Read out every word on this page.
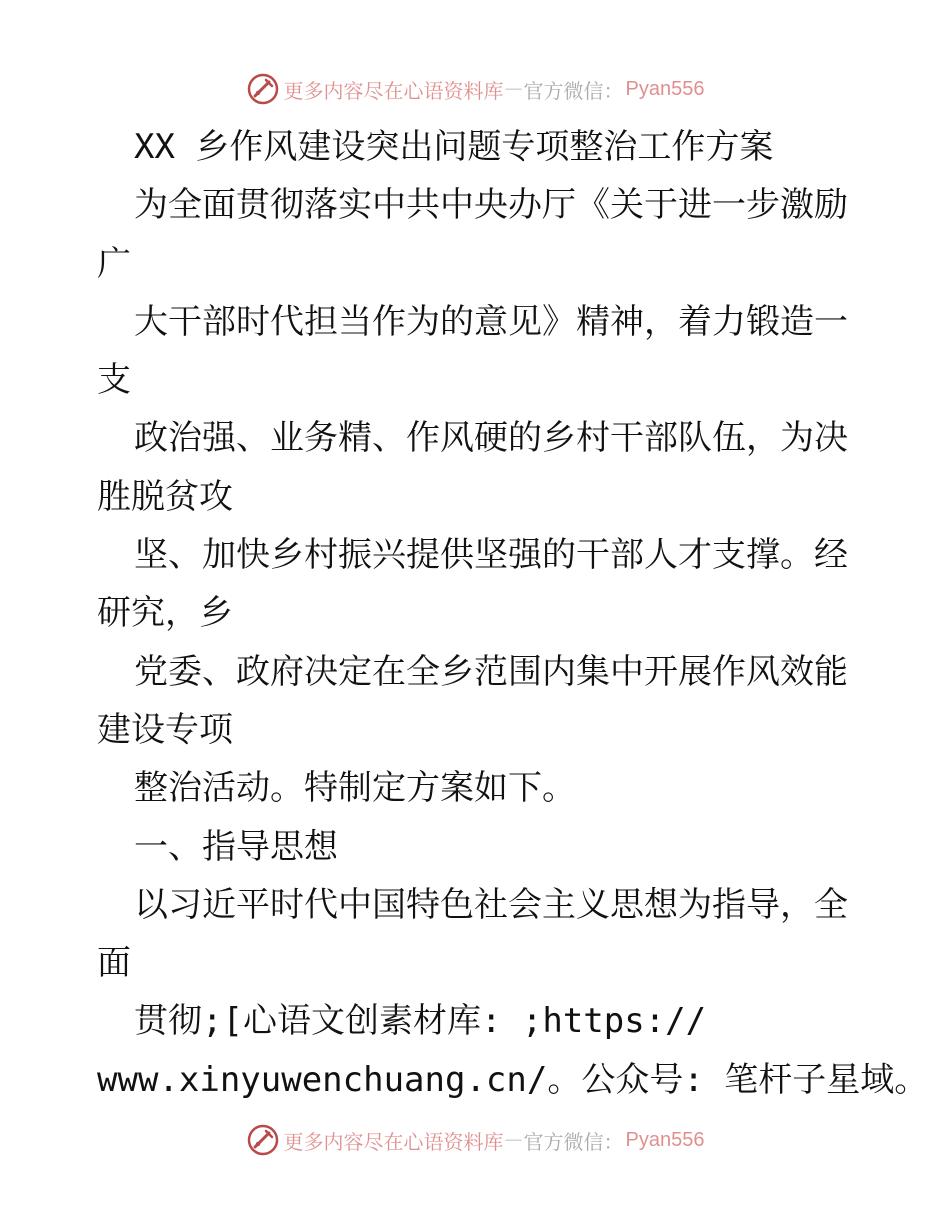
更多内容尽在心语资料库 — 官方微信： Pyan556
XX 乡作风建设突出问题专项整治工作方案
为全面贯彻落实中共中央办厅《关于进一步激励
广
大干部时代担当作为的意见》精神，着力锻造一
支
政治强、业务精、作风硬的乡村干部队伍，为决
胜脱贫攻
坚、加快乡村振兴提供坚强的干部人才支撑。经
研究，乡
党委、政府决定在全乡范围内集中开展作风效能
建设专项
整治活动。特制定方案如下。
一、指导思想
以习近平时代中国特色社会主义思想为指导，全
面
贯彻;[心语文创素材库: ;https://
www.xinyuwenchuang.cn/。公众号: 笔杆子星域。
更多内容尽在心语资料库 — 官方微信： Pyan556
